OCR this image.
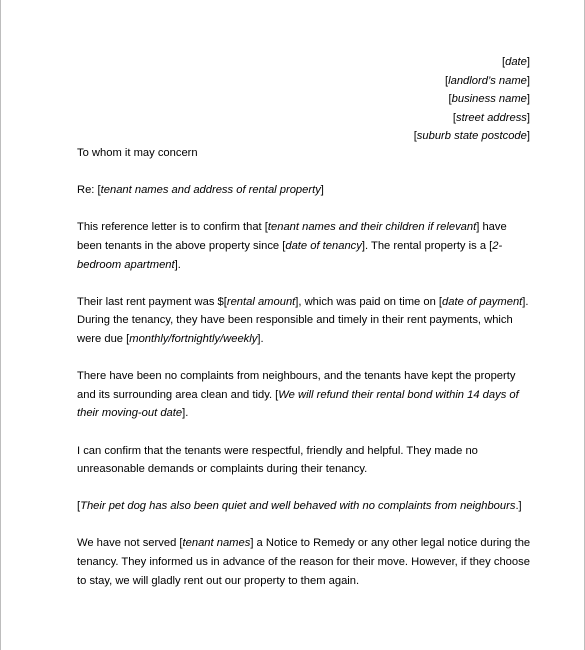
[date]
[landlord’s name]
[business name]
[street address]
[suburb state postcode]

To whom it may concern

Re: [tenant names and address of rental property]

This reference letter is to confirm that [tenant names and their children if relevant] have been tenants in the above property since [date of tenancy]. The rental property is a [2-bedroom apartment].

Their last rent payment was $[rental amount], which was paid on time on [date of payment]. During the tenancy, they have been responsible and timely in their rent payments, which were due [monthly/fortnightly/weekly].

There have been no complaints from neighbours, and the tenants have kept the property and its surrounding area clean and tidy. [We will refund their rental bond within 14 days of their moving-out date].

I can confirm that the tenants were respectful, friendly and helpful. They made no unreasonable demands or complaints during their tenancy.

[Their pet dog has also been quiet and well behaved with no complaints from neighbours.]

We have not served [tenant names] a Notice to Remedy or any other legal notice during the tenancy. They informed us in advance of the reason for their move. However, if they choose to stay, we will gladly rent out our property to them again.
